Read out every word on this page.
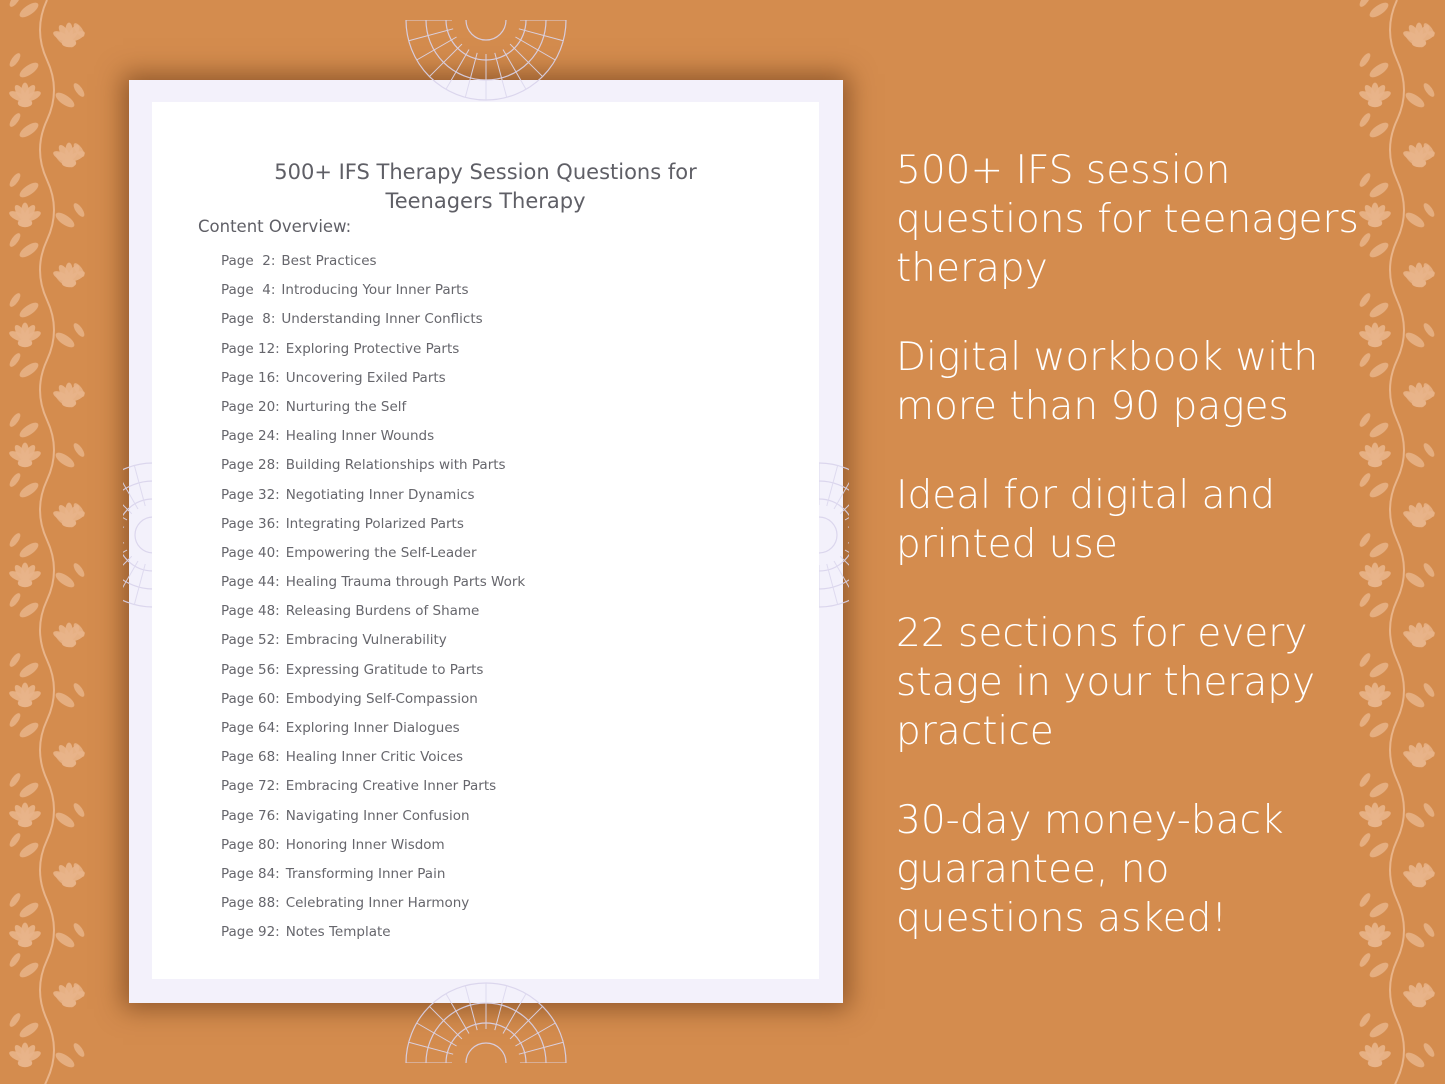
500+ IFS Therapy Session Questions for
Teenagers Therapy
Content Overview:
Page  2: Best Practices
Page  4: Introducing Your Inner Parts
Page  8: Understanding Inner Conflicts
Page 12: Exploring Protective Parts
Page 16: Uncovering Exiled Parts
Page 20: Nurturing the Self
Page 24: Healing Inner Wounds
Page 28: Building Relationships with Parts
Page 32: Negotiating Inner Dynamics
Page 36: Integrating Polarized Parts
Page 40: Empowering the Self-Leader
Page 44: Healing Trauma through Parts Work
Page 48: Releasing Burdens of Shame
Page 52: Embracing Vulnerability
Page 56: Expressing Gratitude to Parts
Page 60: Embodying Self-Compassion
Page 64: Exploring Inner Dialogues
Page 68: Healing Inner Critic Voices
Page 72: Embracing Creative Inner Parts
Page 76: Navigating Inner Confusion
Page 80: Honoring Inner Wisdom
Page 84: Transforming Inner Pain
Page 88: Celebrating Inner Harmony
Page 92: Notes Template
500+ IFS session
questions for teenagers
therapy
Digital workbook with
more than 90 pages
Ideal for digital and
printed use
22 sections for every
stage in your therapy
practice
30-day money-back
guarantee, no
questions asked!
